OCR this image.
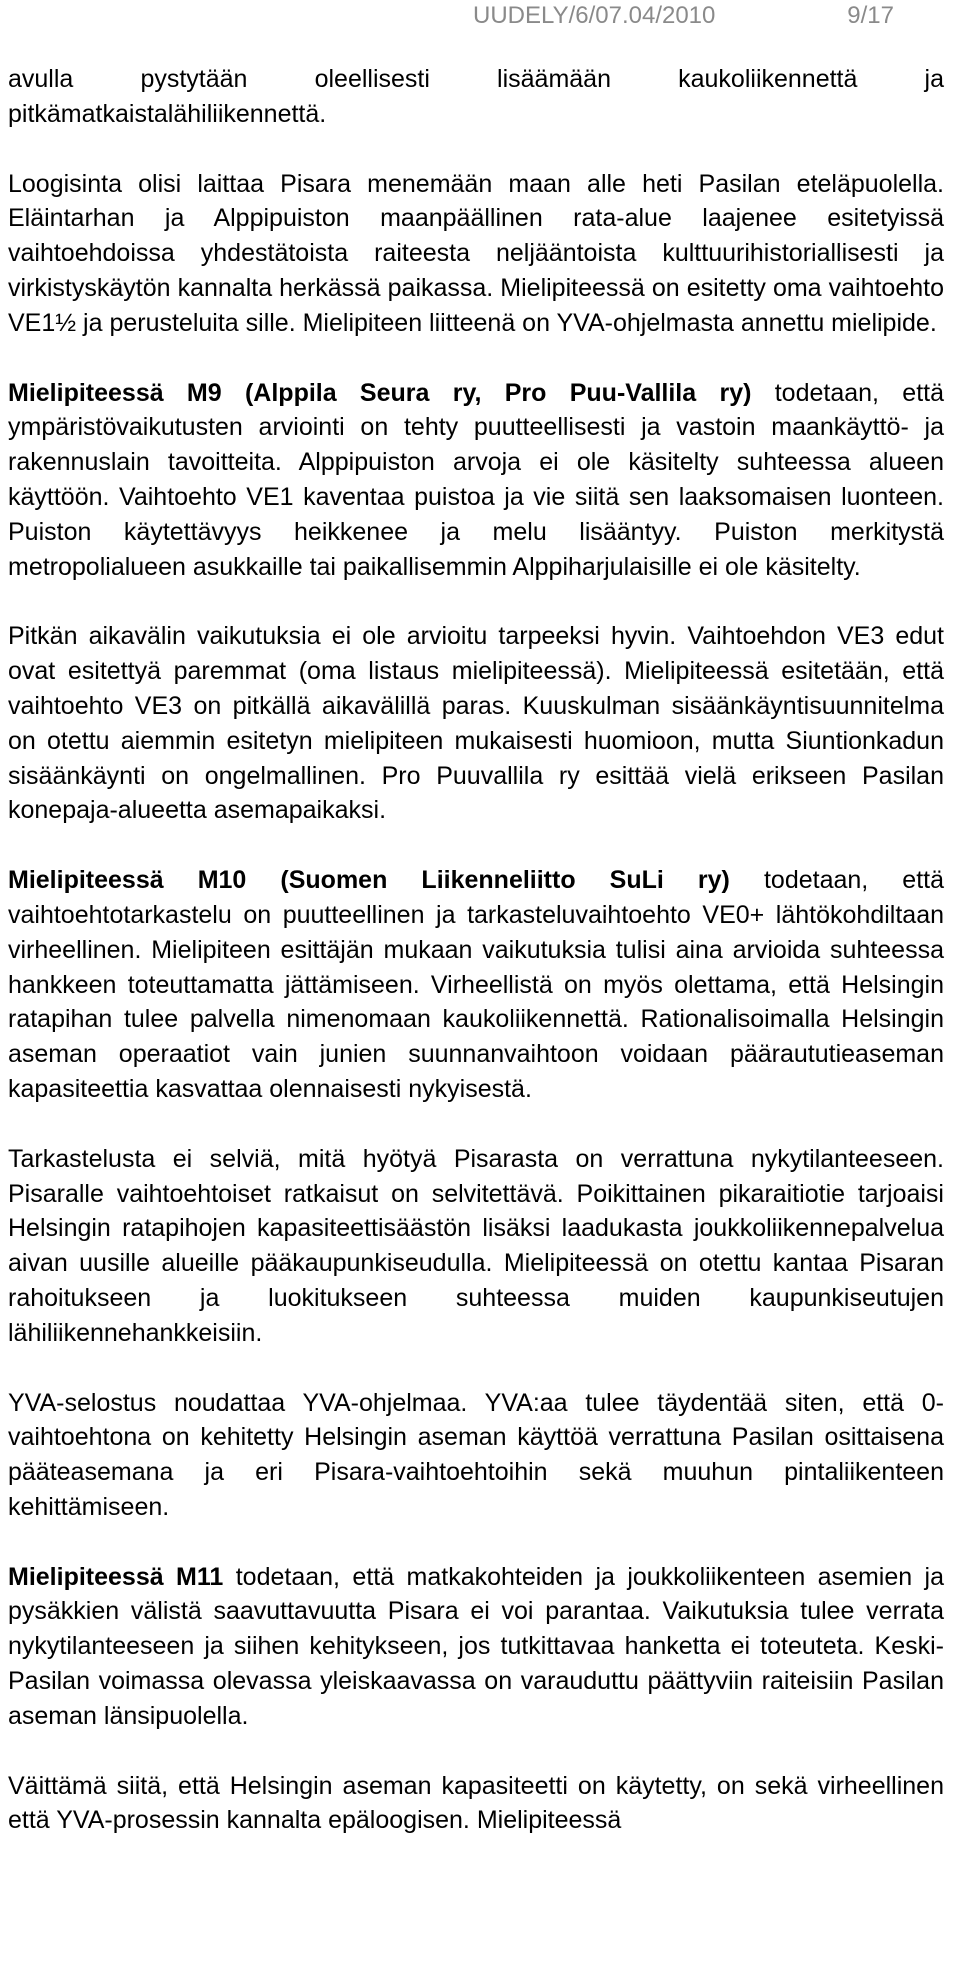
UUDELY/6/07.04/2010	9/17

avulla pystytään oleellisesti lisäämään kaukoliikennettä ja pitkämatkaistalähiliikennettä.

Loogisinta olisi laittaa Pisara menemään maan alle heti Pasilan eteläpuolella. Eläintarhan ja Alppipuiston maanpäällinen rata-alue laajenee esitetyissä vaihtoehdoissa yhdestätoista raiteesta neljääntoista kulttuurihistoriallisesti ja virkistyskäytön kannalta herkässä paikassa. Mielipiteessä on esitetty oma vaihtoehto VE1½ ja perusteluita sille. Mielipiteen liitteenä on YVA-ohjelmasta annettu mielipide.

Mielipiteessä M9 (Alppila Seura ry, Pro Puu-Vallila ry) todetaan, että ympäristövaikutusten arviointi on tehty puutteellisesti ja vastoin maankäyttö- ja rakennuslain tavoitteita. Alppipuiston arvoja ei ole käsitelty suhteessa alueen käyttöön. Vaihtoehto VE1 kaventaa puistoa ja vie siitä sen laaksomaisen luonteen. Puiston käytettävyys heikkenee ja melu lisääntyy. Puiston merkitystä metropolialueen asukkaille tai paikallisemmin Alppiharjulaisille ei ole käsitelty.

Pitkän aikavälin vaikutuksia ei ole arvioitu tarpeeksi hyvin. Vaihtoehdon VE3 edut ovat esitettyä paremmat (oma listaus mielipiteessä). Mielipiteessä esitetään, että vaihtoehto VE3 on pitkällä aikavälillä paras. Kuuskulman sisäänkäyntisuunnitelma on otettu aiemmin esitetyn mielipiteen mukaisesti huomioon, mutta Siuntionkadun sisäänkäynti on ongelmallinen. Pro Puuvallila ry esittää vielä erikseen Pasilan konepaja-alueetta asemapaikaksi.

Mielipiteessä M10 (Suomen Liikenneliitto SuLi ry) todetaan, että vaihtoehtotarkastelu on puutteellinen ja tarkasteluvaihtoehto VE0+ lähtökohdiltaan virheellinen. Mielipiteen esittäjän mukaan vaikutuksia tulisi aina arvioida suhteessa hankkeen toteuttamatta jättämiseen. Virheellistä on myös olettama, että Helsingin ratapihan tulee palvella nimenomaan kaukoliikennettä. Rationalisoimalla Helsingin aseman operaatiot vain junien suunnanvaihtoon voidaan pääraututieaseman kapasiteettia kasvattaa olennaisesti nykyisestä.

Tarkastelusta ei selviä, mitä hyötyä Pisarasta on verrattuna nykytilanteeseen. Pisaralle vaihtoehtoiset ratkaisut on selvitettävä. Poikittainen pikaraitiotie tarjoaisi Helsingin ratapihojen kapasiteettisäästön lisäksi laadukasta joukkoliikennepalvelua aivan uusille alueille pääkaupunkiseudulla. Mielipiteessä on otettu kantaa Pisaran rahoitukseen ja luokitukseen suhteessa muiden kaupunkiseutujen lähiliikennehankkeisiin.

YVA-selostus noudattaa YVA-ohjelmaa. YVA:aa tulee täydentää siten, että 0-vaihtoehtona on kehitetty Helsingin aseman käyttöä verrattuna Pasilan osittaisena pääteasemana ja eri Pisara-vaihtoehtoihin sekä muuhun pintaliikenteen kehittämiseen.

Mielipiteessä M11 todetaan, että matkakohteiden ja joukkoliikenteen asemien ja pysäkkien välistä saavuttavuutta Pisara ei voi parantaa. Vaikutuksia tulee verrata nykytilanteeseen ja siihen kehitykseen, jos tutkittavaa hanketta ei toteuteta. Keski-Pasilan voimassa olevassa yleiskaavassa on varauduttu päättyviin raiteisiin Pasilan aseman länsipuolella.

Väittämä siitä, että Helsingin aseman kapasiteetti on käytetty, on sekä virheellinen että YVA-prosessin kannalta epäloogisen. Mielipiteessä
